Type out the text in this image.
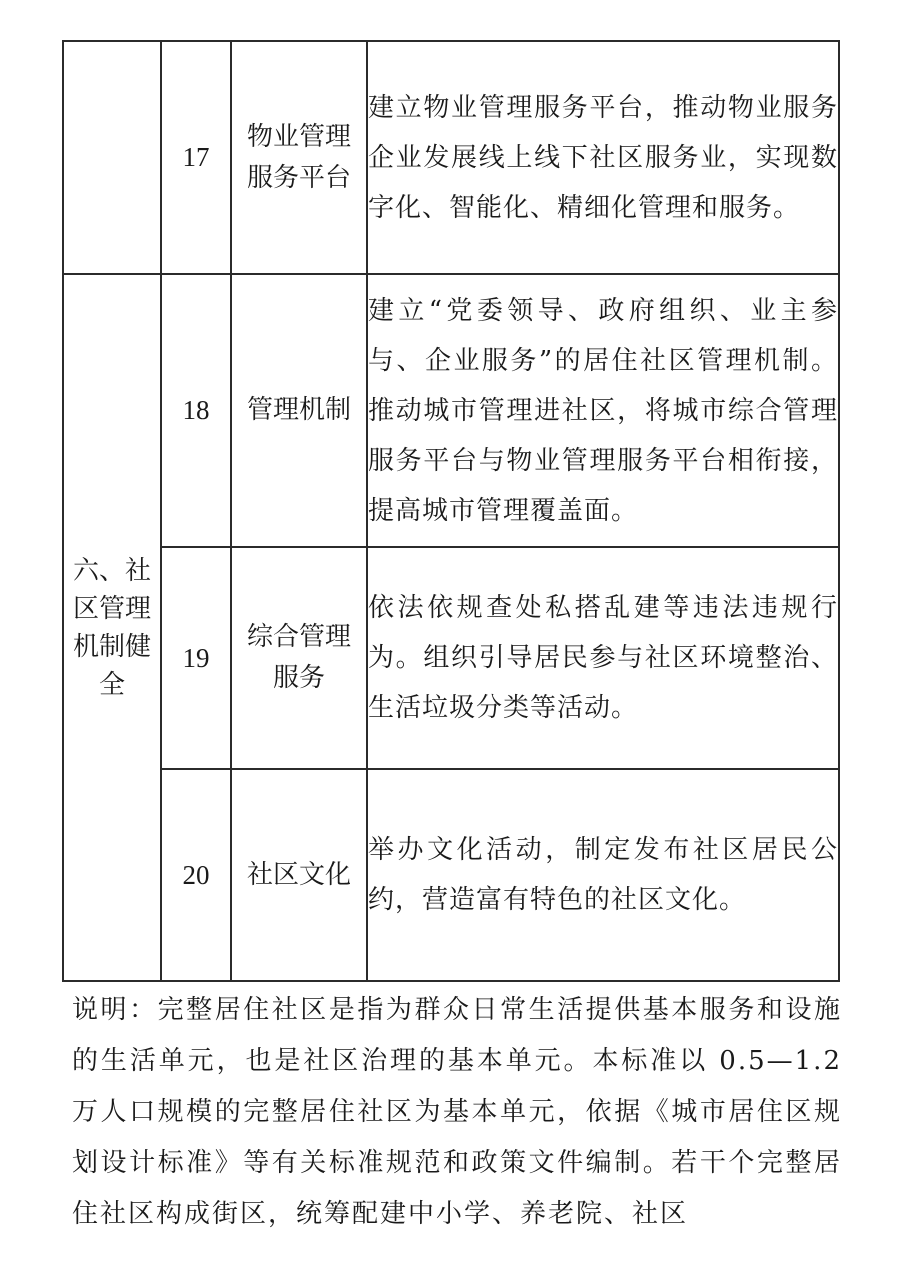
	17	物业管理服务平台	建立物业管理服务平台，推动物业服务企业发展线上线下社区服务业，实现数字化、智能化、精细化管理和服务。
六、社区管理机制健全	18	管理机制	建立“党委领导、政府组织、业主参与、企业服务”的居住社区管理机制。推动城市管理进社区，将城市综合管理服务平台与物业管理服务平台相衔接，提高城市管理覆盖面。
	19	综合管理服务	依法依规查处私搭乱建等违法违规行为。组织引导居民参与社区环境整治、生活垃圾分类等活动。
	20	社区文化	举办文化活动，制定发布社区居民公约，营造富有特色的社区文化。
说明：完整居住社区是指为群众日常生活提供基本服务和设施的生活单元，也是社区治理的基本单元。本标准以 0.5—1.2 万人口规模的完整居住社区为基本单元，依据《城市居住区规划设计标准》等有关标准规范和政策文件编制。若干个完整居住社区构成街区，统筹配建中小学、养老院、社区
